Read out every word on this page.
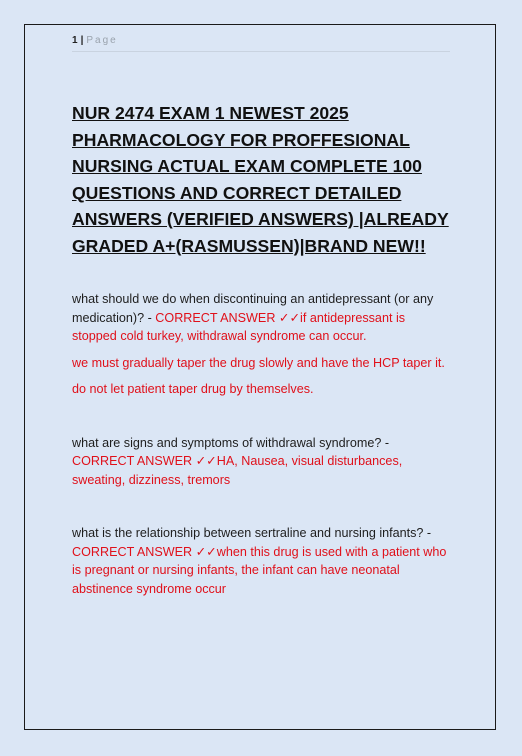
1 | Page
NUR 2474 EXAM 1 NEWEST 2025 PHARMACOLOGY FOR PROFFESIONAL NURSING ACTUAL EXAM COMPLETE 100 QUESTIONS AND CORRECT DETAILED ANSWERS (VERIFIED ANSWERS) |ALREADY GRADED A+(RASMUSSEN)|BRAND NEW!!

what should we do when discontinuing an antidepressant (or any medication)? - CORRECT ANSWER ✓✓if antidepressant is stopped cold turkey, withdrawal syndrome can occur.

we must gradually taper the drug slowly and have the HCP taper it.

do not let patient taper drug by themselves.

what are signs and symptoms of withdrawal syndrome? - CORRECT ANSWER ✓✓HA, Nausea, visual disturbances, sweating, dizziness, tremors

what is the relationship between sertraline and nursing infants? - CORRECT ANSWER ✓✓when this drug is used with a patient who is pregnant or nursing infants, the infant can have neonatal abstinence syndrome occur
